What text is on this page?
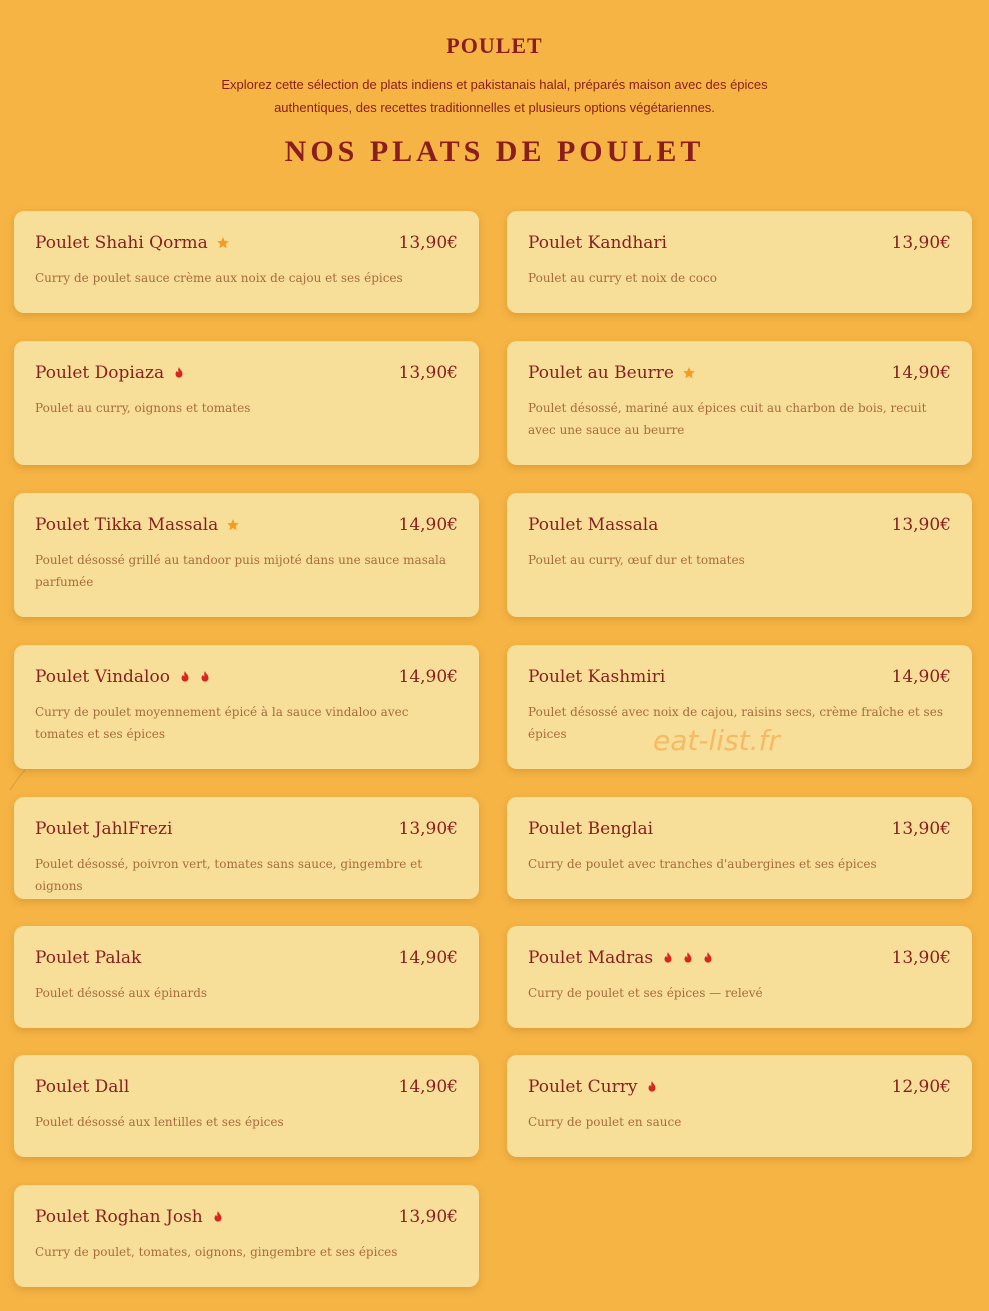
POULET

Explorez cette sélection de plats indiens et pakistanais halal, préparés maison avec des épices authentiques, des recettes traditionnelles et plusieurs options végétariennes.

NOS PLATS DE POULET
Poulet Shahi Qorma	13,90€
Curry de poulet sauce crème aux noix de cajou et ses épices
Poulet Kandhari	13,90€
Poulet au curry et noix de coco
Poulet Dopiaza	13,90€
Poulet au curry, oignons et tomates
Poulet au Beurre	14,90€
Poulet désossé, mariné aux épices cuit au charbon de bois, recuit avec une sauce au beurre
Poulet Tikka Massala	14,90€
Poulet désossé grillé au tandoor puis mijoté dans une sauce masala parfumée
Poulet Massala	13,90€
Poulet au curry, œuf dur et tomates
Poulet Vindaloo	14,90€
Curry de poulet moyennement épicé à la sauce vindaloo avec tomates et ses épices
Poulet Kashmiri	14,90€
Poulet désossé avec noix de cajou, raisins secs, crème fraîche et ses épices
Poulet JahlFrezi	13,90€
Poulet désossé, poivron vert, tomates sans sauce, gingembre et oignons
Poulet Benglai	13,90€
Curry de poulet avec tranches d'aubergines et ses épices
Poulet Palak	14,90€
Poulet désossé aux épinards
Poulet Madras	13,90€
Curry de poulet et ses épices — relevé
Poulet Dall	14,90€
Poulet désossé aux lentilles et ses épices
Poulet Curry	12,90€
Curry de poulet en sauce
Poulet Roghan Josh	13,90€
Curry de poulet, tomates, oignons, gingembre et ses épices
eat-list.fr
